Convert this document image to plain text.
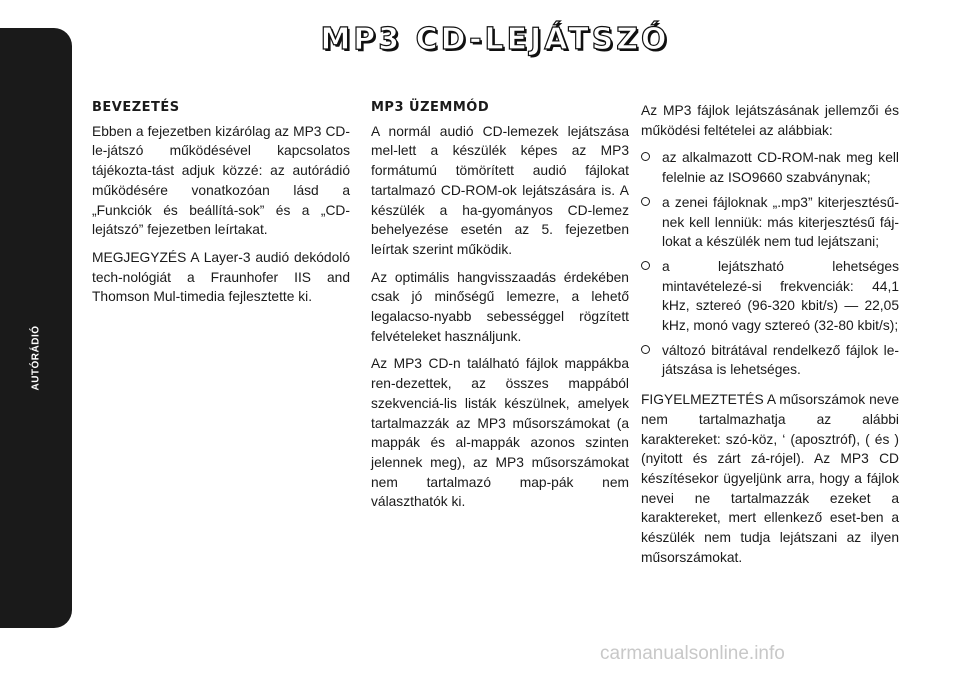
AUTÓRÁDIÓ
274
MP3 CD-LEJÁTSZÓ
BEVEZETÉS

Ebben a fejezetben kizárólag az MP3 CD-le-játszó működésével kapcsolatos tájékozta-tást adjuk közzé: az autórádió működésére vonatkozóan lásd a „Funkciók és beállítá-sok” és a „CD-lejátszó” fejezetben leírtakat.

MEGJEGYZÉS A Layer-3 audió dekódoló tech-nológiát a Fraunhofer IIS and Thomson Mul-timedia fejlesztette ki.

MP3 ÜZEMMÓD

A normál audió CD-lemezek lejátszása mel-lett a készülék képes az MP3 formátumú tömörített audió fájlokat tartalmazó CD-ROM-ok lejátszására is. A készülék a ha-gyományos CD-lemez behelyezése esetén az 5. fejezetben leírtak szerint működik.

Az optimális hangvisszaadás érdekében csak jó minőségű lemezre, a lehető legalacso-nyabb sebességgel rögzített felvételeket használjunk.

Az MP3 CD-n található fájlok mappákba ren-dezettek, az összes mappából szekvenciá-lis listák készülnek, amelyek tartalmazzák az MP3 műsorszámokat (a mappák és al-mappák azonos szinten jelennek meg), az MP3 műsorszámokat nem tartalmazó map-pák nem választhatók ki.

Az MP3 fájlok lejátszásának jellemzői és működési feltételei az alábbiak:

az alkalmazott CD-ROM-nak meg kell felelnie az ISO9660 szabványnak;
a zenei fájloknak „.mp3” kiterjesztésű-nek kell lenniük: más kiterjesztésű fáj-lokat a készülék nem tud lejátszani;
a lejátszható lehetséges mintavételezé-si frekvenciák: 44,1 kHz, sztereó (96-320 kbit/s) — 22,05 kHz, monó vagy sztereó (32-80 kbit/s);
változó bitrátával rendelkező fájlok le-játszása is lehetséges.

FIGYELMEZTETÉS A műsorszámok neve nem tartalmazhatja az alábbi karaktereket: szó-köz, ‘ (aposztróf), ( és ) (nyitott és zárt zá-rójel). Az MP3 CD készítésekor ügyeljünk arra, hogy a fájlok nevei ne tartalmazzák ezeket a karaktereket, mert ellenkező eset-ben a készülék nem tudja lejátszani az ilyen műsorszámokat.

carmanualsonline.info
